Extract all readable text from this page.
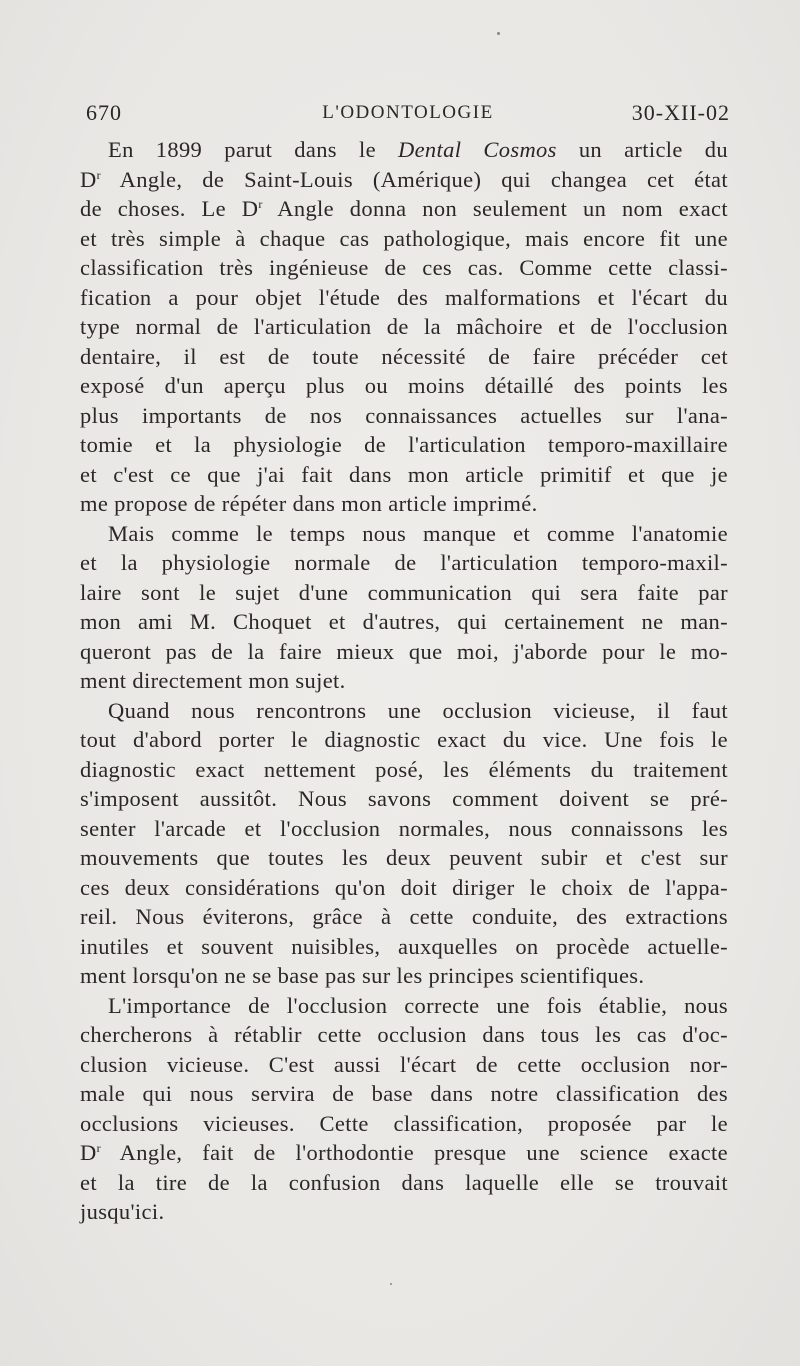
670	L'ODONTOLOGIE	30-XII-02
En 1899 parut dans le Dental Cosmos un article du
$D^r$ Angle, de Saint-Louis (Amérique) qui changea cet état
de choses. Le $D^r$ Angle donna non seulement un nom exact
et très simple à chaque cas pathologique, mais encore fit une
classification très ingénieuse de ces cas. Comme cette classi-
fication a pour objet l'étude des malformations et l'écart du
type normal de l'articulation de la mâchoire et de l'occlusion
dentaire, il est de toute nécessité de faire précéder cet
exposé d'un aperçu plus ou moins détaillé des points les
plus importants de nos connaissances actuelles sur l'ana-
tomie et la physiologie de l'articulation temporo-maxillaire
et c'est ce que j'ai fait dans mon article primitif et que je
me propose de répéter dans mon article imprimé.
Mais comme le temps nous manque et comme l'anatomie
et la physiologie normale de l'articulation temporo-maxil-
laire sont le sujet d'une communication qui sera faite par
mon ami M. Choquet et d'autres, qui certainement ne man-
queront pas de la faire mieux que moi, j'aborde pour le mo-
ment directement mon sujet.
Quand nous rencontrons une occlusion vicieuse, il faut
tout d'abord porter le diagnostic exact du vice. Une fois le
diagnostic exact nettement posé, les éléments du traitement
s'imposent aussitôt. Nous savons comment doivent se pré-
senter l'arcade et l'occlusion normales, nous connaissons les
mouvements que toutes les deux peuvent subir et c'est sur
ces deux considérations qu'on doit diriger le choix de l'appa-
reil. Nous éviterons, grâce à cette conduite, des extractions
inutiles et souvent nuisibles, auxquelles on procède actuelle-
ment lorsqu'on ne se base pas sur les principes scientifiques.
L'importance de l'occlusion correcte une fois établie, nous
chercherons à rétablir cette occlusion dans tous les cas d'oc-
clusion vicieuse. C'est aussi l'écart de cette occlusion nor-
male qui nous servira de base dans notre classification des
occlusions vicieuses. Cette classification, proposée par le
$D^r$ Angle, fait de l'orthodontie presque une science exacte
et la tire de la confusion dans laquelle elle se trouvait
jusqu'ici.
